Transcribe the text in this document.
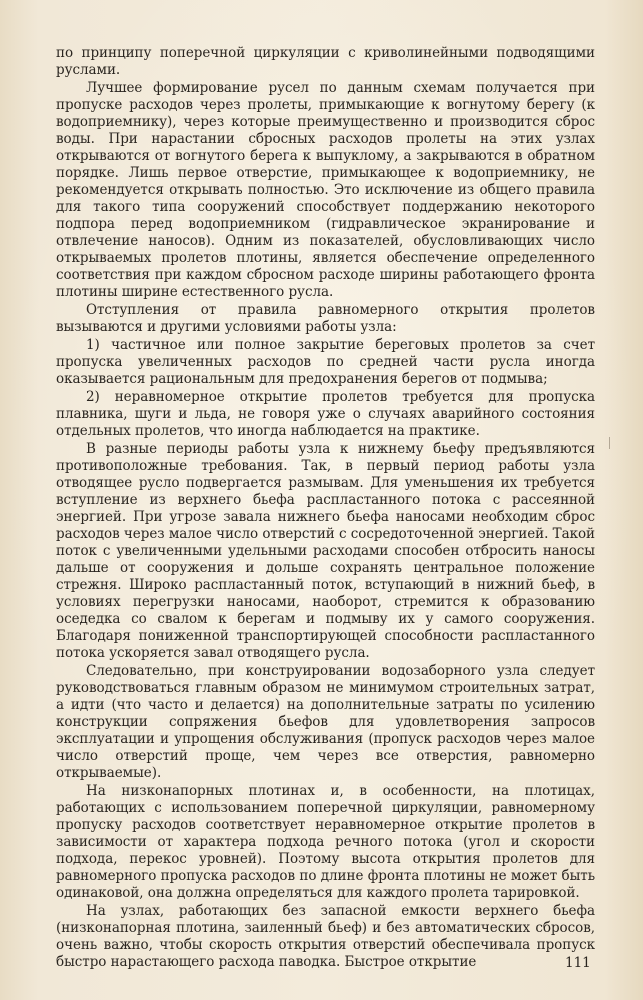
по принципу поперечной циркуляции с криволинейными подводящими руслами.

Лучшее формирование русел по данным схемам получается при пропуске расходов через пролеты, примыкающие к вогнутому берегу (к водоприемнику), через которые преимущественно и производится сброс воды. При нарастании сбросных расходов пролеты на этих узлах открываются от вогнутого берега к выпуклому, а закрываются в обратном порядке. Лишь первое отверстие, примыкающее к водоприемнику, не рекомендуется открывать полностью. Это исключение из общего правила для такого типа сооружений способствует поддержанию некоторого подпора перед водоприемником (гидравлическое экранирование и отвлечение наносов). Одним из показателей, обусловливающих число открываемых пролетов плотины, является обеспечение определенного соответствия при каждом сбросном расходе ширины работающего фронта плотины ширине естественного русла.

Отступления от правила равномерного открытия пролетов вызываются и другими условиями работы узла:

1) частичное или полное закрытие береговых пролетов за счет пропуска увеличенных расходов по средней части русла иногда оказывается рациональным для предохранения берегов от подмыва;

2) неравномерное открытие пролетов требуется для пропуска плавника, шуги и льда, не говоря уже о случаях аварийного состояния отдельных пролетов, что иногда наблюдается на практике.

В разные периоды работы узла к нижнему бьефу предъявляются противоположные требования. Так, в первый период работы узла отводящее русло подвергается размывам. Для уменьшения их требуется вступление из верхнего бьефа распластанного потока с рассеянной энергией. При угрозе завала нижнего бьефа наносами необходим сброс расходов через малое число отверстий с сосредоточенной энергией. Такой поток с увеличенными удельными расходами способен отбросить наносы дальше от сооружения и дольше сохранять центральное положение стрежня. Широко распластанный поток, вступающий в нижний бьеф, в условиях перегрузки наносами, наоборот, стремится к образованию оседедка со свалом к берегам и подмыву их у самого сооружения. Благодаря пониженной транспортирующей способности распластанного потока ускоряется завал отводящего русла.

Следовательно, при конструировании водозаборного узла следует руководствоваться главным образом не минимумом строительных затрат, а идти (что часто и делается) на дополнительные затраты по усилению конструкции сопряжения бьефов для удовлетворения запросов эксплуатации и упрощения обслуживания (пропуск расходов через малое число отверстий проще, чем через все отверстия, равномерно открываемые).

На низконапорных плотинах и, в особенности, на плотицах, работающих с использованием поперечной циркуляции, равномерному пропуску расходов соответствует неравномерное открытие пролетов в зависимости от характера подхода речного потока (угол и скорости подхода, перекос уровней). Поэтому высота открытия пролетов для равномерного пропуска расходов по длине фронта плотины не может быть одинаковой, она должна определяться для каждого пролета тарировкой.

На узлах, работающих без запасной емкости верхнего бьефа (низконапорная плотина, заиленный бьеф) и без автоматических сбросов, очень важно, чтобы скорость открытия отверстий обеспечивала пропуск быстро нарастающего расхода паводка. Быстрое открытие	111
